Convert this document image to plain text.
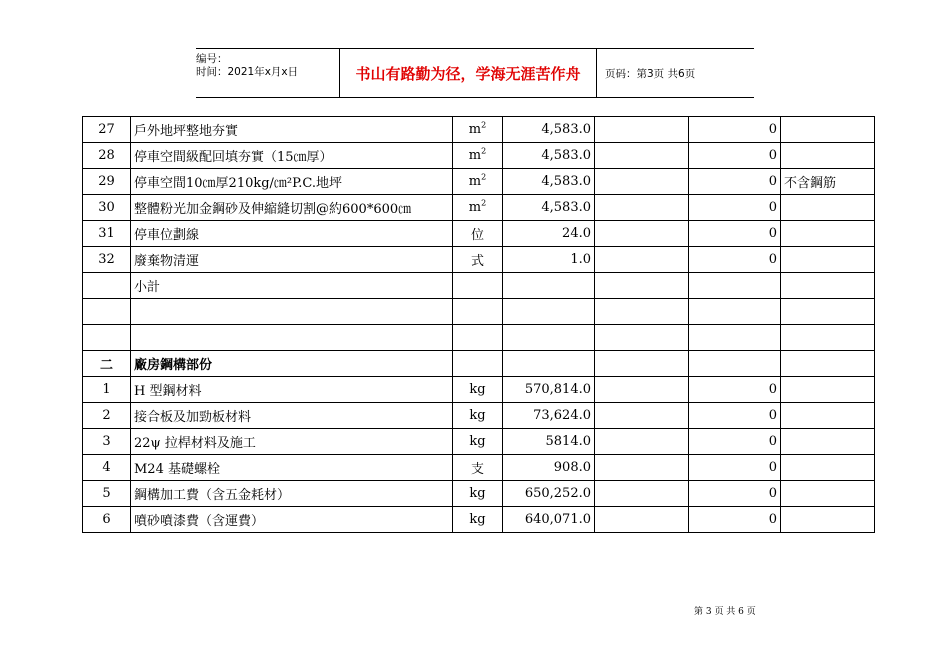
编号：
时间：2021年x月x日	书山有路勤为径，学海无涯苦作舟	页码：第3页 共6页
27	戶外地坪整地夯實	$m^2$	4,583.0		0	
28	停車空間級配回填夯實（15㎝厚）	$m^2$	4,583.0		0	
29	停車空間10㎝厚210kg/㎝²P.C.地坪	$m^2$	4,583.0		0	不含鋼筋
30	整體粉光加金鋼砂及伸縮縫切割@約600*600㎝	$m^2$	4,583.0		0	
31	停車位劃線	位	24.0		0	
32	廢棄物清運	式	1.0		0	
	小計					

二	廠房鋼構部份					
1	H 型鋼材料	kg	570,814.0		0	
2	接合板及加勁板材料	kg	73,624.0		0	
3	22ψ 拉桿材料及施工	kg	5814.0		0	
4	M24 基礎螺栓	支	908.0		0	
5	鋼構加工費（含五金耗材）	kg	650,252.0		0	
6	噴砂噴漆費（含運費）	kg	640,071.0		0	
第 3 页 共 6 页
